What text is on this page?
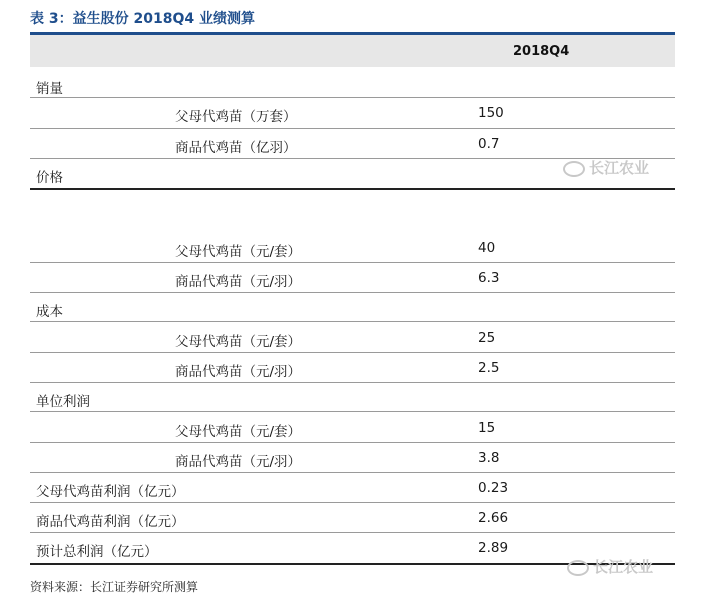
表 3：益生股份 2018Q4 业绩测算
2018Q4
销量
父母代鸡苗（万套）	150
商品代鸡苗（亿羽）	0.7
价格
父母代鸡苗（元/套）	40
商品代鸡苗（元/羽）	6.3
成本
父母代鸡苗（元/套）	25
商品代鸡苗（元/羽）	2.5
单位利润
父母代鸡苗（元/套）	15
商品代鸡苗（元/羽）	3.8
父母代鸡苗利润（亿元）	0.23
商品代鸡苗利润（亿元）	2.66
预计总利润（亿元）	2.89
资料来源：长江证券研究所测算
长江农业
长江农业
